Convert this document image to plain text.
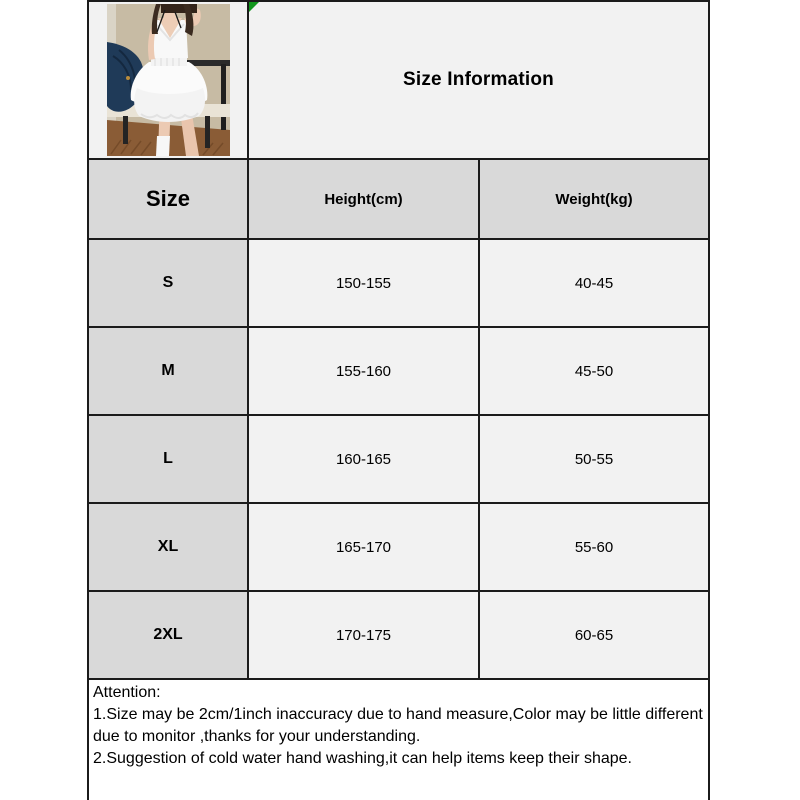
Size Information	
Size	Height(cm)	Weight(kg)
S	150-155	40-45
M	155-160	45-50
L	160-165	50-55
XL	165-170	55-60
2XL	170-175	60-65

Attention:
1.Size may be 2cm/1inch inaccuracy due to hand measure,Color may be little different due to monitor ,thanks for your understanding.
2.Suggestion of cold water hand washing,it can help items keep their shape.		
